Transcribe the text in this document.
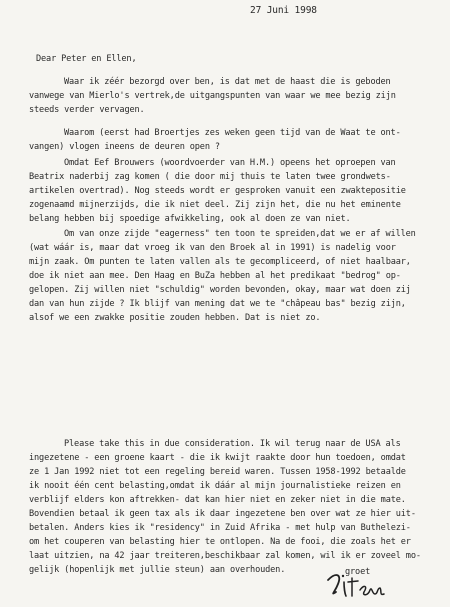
27 Juni 1998
Dear Peter en Ellen,
Waar ik zéér bezorgd over ben, is dat met de haast die is geboden
vanwege van Mierlo's vertrek,de uitgangspunten van waar we mee bezig zijn
steeds verder vervagen.
Waarom (eerst had Broertjes zes weken geen tijd van de Waat te ont-
vangen) vlogen ineens de deuren open ?
Omdat Eef Brouwers (woordvoerder van H.M.) opeens het oproepen van
Beatrix naderbij zag komen ( die door mij thuis te laten twee grondwets-
artikelen overtrad). Nog steeds wordt er gesproken vanuit een zwaktepositie
zogenaamd mijnerzijds, die ik niet deel. Zij zijn het, die nu het eminente
belang hebben bij spoedige afwikkeling, ook al doen ze van niet.
Om van onze zijde "eagerness" ten toon te spreiden,dat we er af willen
(wat wáár is, maar dat vroeg ik van den Broek al in 1991) is nadelig voor
mijn zaak. Om punten te laten vallen als te gecompliceerd, of niet haalbaar,
doe ik niet aan mee. Den Haag en BuZa hebben al het predikaat "bedrog" op-
gelopen. Zij willen niet "schuldig" worden bevonden, okay, maar wat doen zij
dan van hun zijde ? Ik blijf van mening dat we te "châpeau bas" bezig zijn,
alsof we een zwakke positie zouden hebben. Dat is niet zo.
Please take this in due consideration. Ik wil terug naar de USA als
ingezetene - een groene kaart - die ik kwijt raakte door hun toedoen, omdat
ze 1 Jan 1992 niet tot een regeling bereid waren. Tussen 1958-1992 betaalde
ik nooit één cent belasting,omdat ik dáár al mijn journalistieke reizen en
verblijf elders kon aftrekken- dat kan hier niet en zeker niet in die mate.
Bovendien betaal ik geen tax als ik daar ingezetene ben over wat ze hier uit-
betalen. Anders kies ik "residency" in Zuid Afrika - met hulp van Buthelezi-
om het couperen van belasting hier te ontlopen. Na de fooi, die zoals het er
laat uitzien, na 42 jaar treiteren,beschikbaar zal komen, wil ik er zoveel mo-
gelijk (hopenlijk met jullie steun) aan overhouden.	groet
